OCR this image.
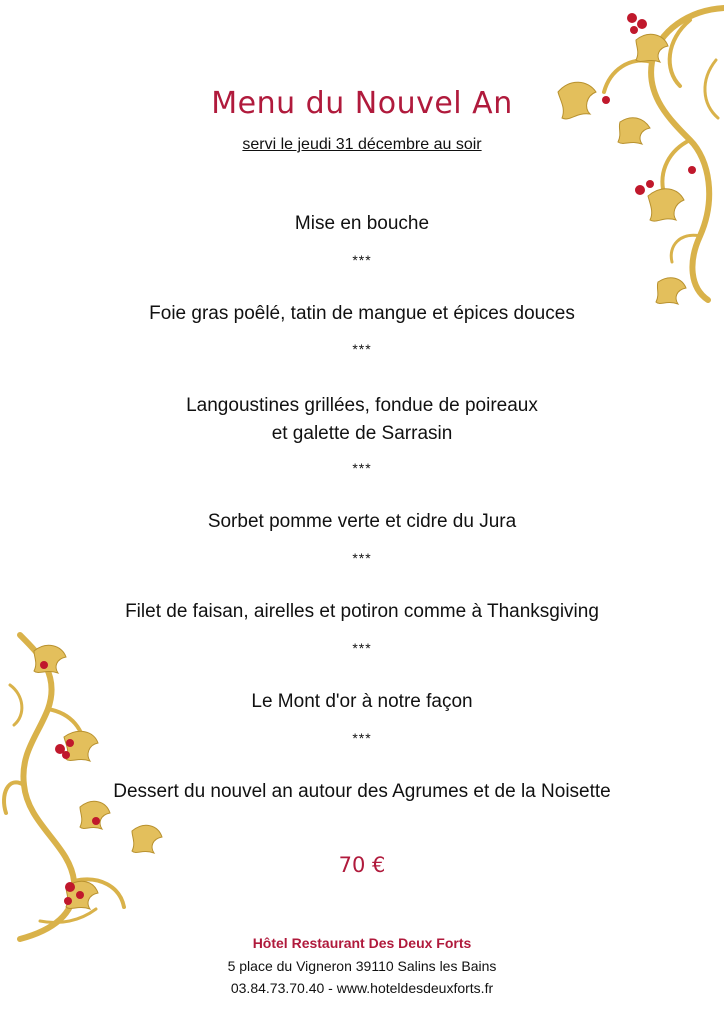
Menu du Nouvel An
servi le jeudi 31 décembre au soir
Mise en bouche
***
Foie gras poêlé, tatin de mangue et épices douces
***
Langoustines grillées, fondue de poireaux
et galette de Sarrasin
***
Sorbet pomme verte et cidre du Jura
***
Filet de faisan, airelles et potiron comme à Thanksgiving
***
Le Mont d'or à notre façon
***
Dessert du nouvel an autour des Agrumes et de la Noisette
70 €
Hôtel Restaurant Des Deux Forts
5 place du Vigneron 39110 Salins les Bains
03.84.73.70.40 - www.hoteldesdeuxforts.fr
